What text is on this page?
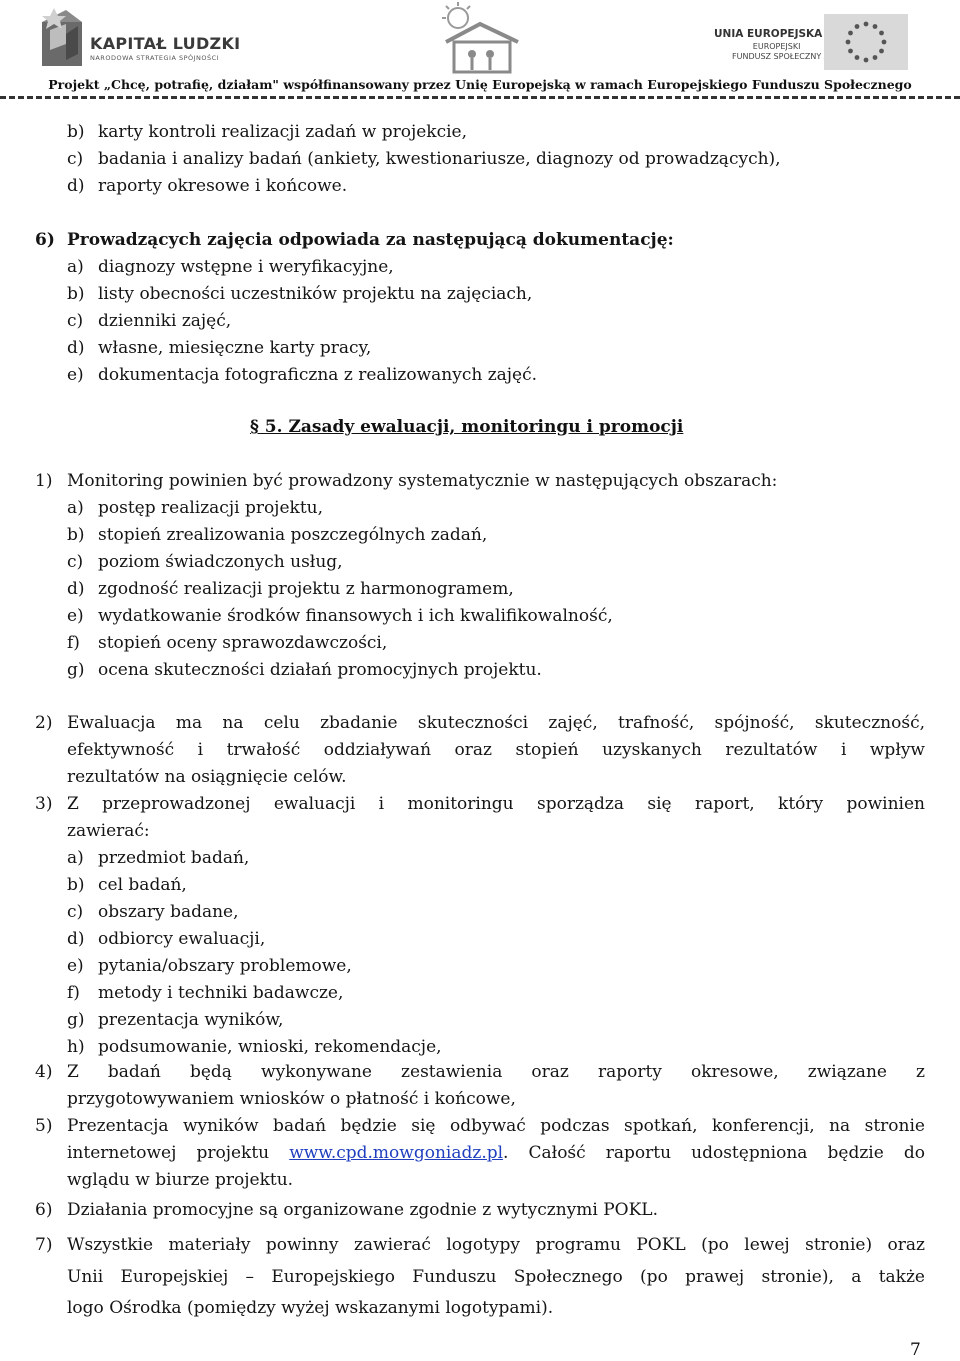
KAPITAŁ LUDZKI
NARODOWA STRATEGIA SPÓJNOŚCI
UNIA EUROPEJSKA
EUROPEJSKI
FUNDUSZ SPOŁECZNY
Projekt „Chcę, potrafię, działam" współfinansowany przez Unię Europejską w ramach Europejskiego Funduszu Społecznego
b) karty kontroli realizacji zadań w projekcie,
c) badania i analizy badań (ankiety, kwestionariusze, diagnozy od prowadzących),
d) raporty okresowe i końcowe.
6) Prowadzących zajęcia odpowiada za następującą dokumentację:
a) diagnozy wstępne i weryfikacyjne,
b) listy obecności uczestników projektu na zajęciach,
c) dzienniki zajęć,
d) własne, miesięczne karty pracy,
e) dokumentacja fotograficzna z realizowanych zajęć.
§ 5. Zasady ewaluacji, monitoringu i promocji
1) Monitoring powinien być prowadzony systematycznie w następujących obszarach:
a) postęp realizacji projektu,
b) stopień zrealizowania poszczególnych zadań,
c) poziom świadczonych usług,
d) zgodność realizacji projektu z harmonogramem,
e) wydatkowanie środków finansowych i ich kwalifikowalność,
f) stopień oceny sprawozdawczości,
g) ocena skuteczności działań promocyjnych projektu.
2) Ewaluacja ma na celu zbadanie skuteczności zajęć, trafność, spójność, skuteczność,
efektywność i trwałość oddziaływań oraz stopień uzyskanych rezultatów i wpływ
rezultatów na osiągnięcie celów.
3) Z przeprowadzonej ewaluacji i monitoringu sporządza się raport, który powinien
zawierać:
a) przedmiot badań,
b) cel badań,
c) obszary badane,
d) odbiorcy ewaluacji,
e) pytania/obszary problemowe,
f) metody i techniki badawcze,
g) prezentacja wyników,
h) podsumowanie, wnioski, rekomendacje,
4) Z badań będą wykonywane zestawienia oraz raporty okresowe, związane z
przygotowywaniem wniosków o płatność i końcowe,
5) Prezentacja wyników badań będzie się odbywać podczas spotkań, konferencji, na stronie
internetowej projektu www.cpd.mowgoniadz.pl. Całość raportu udostępniona będzie do
wglądu w biurze projektu.
6) Działania promocyjne są organizowane zgodnie z wytycznymi POKL.
7) Wszystkie materiały powinny zawierać logotypy programu POKL (po lewej stronie) oraz
Unii Europejskiej – Europejskiego Funduszu Społecznego (po prawej stronie), a także
logo Ośrodka (pomiędzy wyżej wskazanymi logotypami).
7
